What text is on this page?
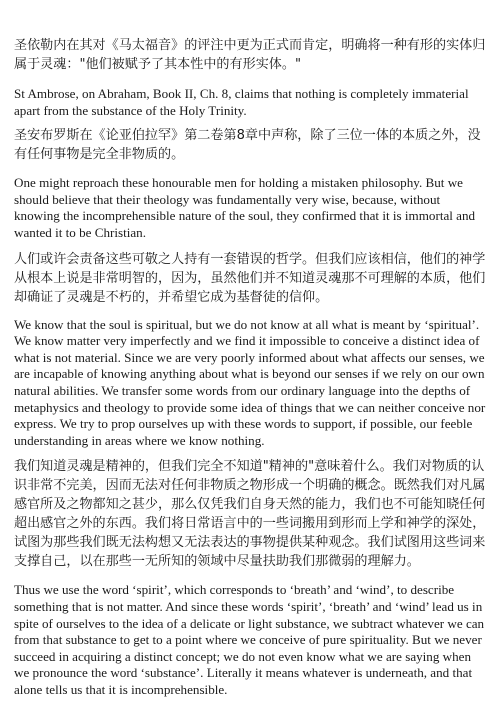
圣依勒内在其对《马太福音》的评注中更为正式而肯定，明确将一种有形的实体归属于灵魂："他们被赋予了其本性中的有形实体。"

St Ambrose, on Abraham, Book II, Ch. 8, claims that nothing is completely immaterial apart from the substance of the Holy Trinity.

圣安布罗斯在《论亚伯拉罕》第二卷第8章中声称，除了三位一体的本质之外，没有任何事物是完全非物质的。

One might reproach these honourable men for holding a mistaken philosophy. But we should believe that their theology was fundamentally very wise, because, without knowing the incomprehensible nature of the soul, they confirmed that it is immortal and wanted it to be Christian.

人们或许会责备这些可敬之人持有一套错误的哲学。但我们应该相信，他们的神学从根本上说是非常明智的，因为，虽然他们并不知道灵魂那不可理解的本质，他们却确证了灵魂是不朽的，并希望它成为基督徒的信仰。

We know that the soul is spiritual, but we do not know at all what is meant by ‘spiritual’. We know matter very imperfectly and we find it impossible to conceive a distinct idea of what is not material. Since we are very poorly informed about what affects our senses, we are incapable of knowing anything about what is beyond our senses if we rely on our own natural abilities. We transfer some words from our ordinary language into the depths of metaphysics and theology to provide some idea of things that we can neither conceive nor express. We try to prop ourselves up with these words to support, if possible, our feeble understanding in areas where we know nothing.

我们知道灵魂是精神的，但我们完全不知道"精神的"意味着什么。我们对物质的认识非常不完美，因而无法对任何非物质之物形成一个明确的概念。既然我们对凡属感官所及之物都知之甚少，那么仅凭我们自身天然的能力，我们也不可能知晓任何超出感官之外的东西。我们将日常语言中的一些词搬用到形而上学和神学的深处，试图为那些我们既无法构想又无法表达的事物提供某种观念。我们试图用这些词来支撑自己，以在那些一无所知的领域中尽量扶助我们那微弱的理解力。

Thus we use the word ‘spirit’, which corresponds to ‘breath’ and ‘wind’, to describe something that is not matter. And since these words ‘spirit’, ‘breath’ and ‘wind’ lead us in spite of ourselves to the idea of a delicate or light substance, we subtract whatever we can from that substance to get to a point where we conceive of pure spirituality. But we never succeed in acquiring a distinct concept; we do not even know what we are saying when we pronounce the word ‘substance’. Literally it means whatever is underneath, and that alone tells us that it is incomprehensible.
